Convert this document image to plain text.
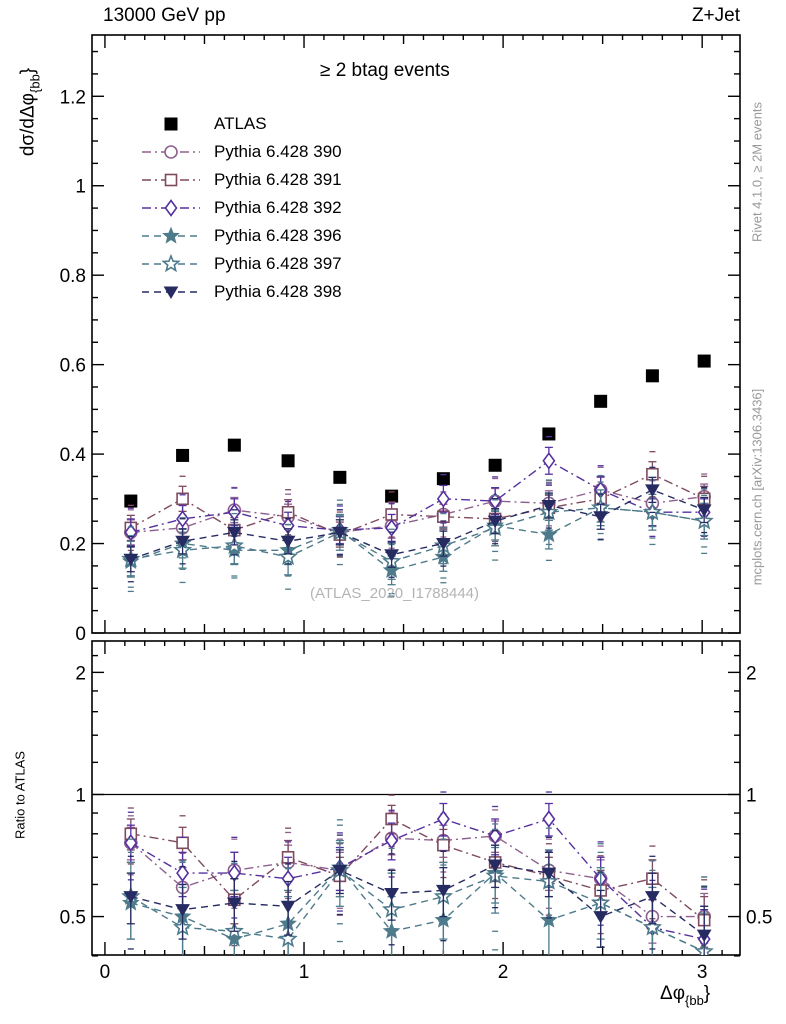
0
0.2
0.4
0.6
0.8
1
1.2
0.5	0.5
1	1
2	2
0	1	2	3
13000 GeV pp	Z+Jet
≥ 2 btag events
ATLAS
Pythia 6.428 390
Pythia 6.428 391
Pythia 6.428 392
Pythia 6.428 396
Pythia 6.428 397
Pythia 6.428 398
(ATLAS_2020_I1788444)
Rivet 4.1.0, ≥ 2M events
mcplots.cern.ch [arXiv:1306.3436]
dσ/dΔφ$_{\{bb}$}
Ratio to ATLAS
$\Delta\varphi_{\{bb}$}
